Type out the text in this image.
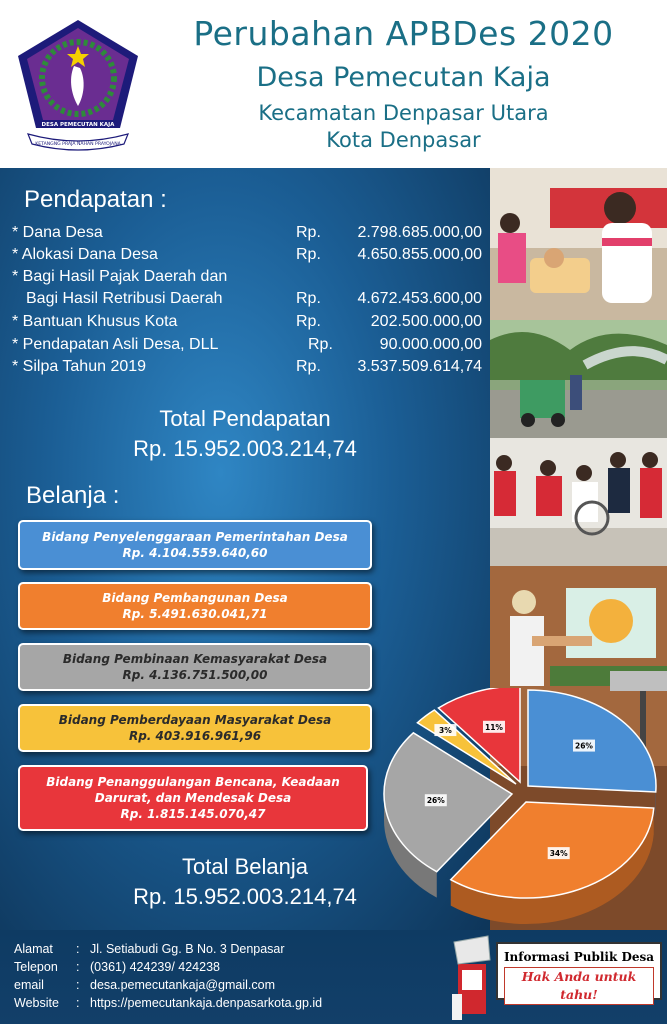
DESA PEMECUTAN KAJA
KETANGNG PRAJA NAHAN PRAYOJANA
Perubahan APBDes 2020
Desa Pemecutan Kaja
Kecamatan Denpasar Utara
Kota Denpasar
Pendapatan :
* Dana Desa	Rp. 2.798.685.000,00
* Alokasi Dana Desa	Rp. 4.650.855.000,00
* Bagi Hasil Pajak Daerah dan
Bagi Hasil Retribusi Daerah	Rp. 4.672.453.600,00
* Bantuan Khusus Kota	Rp.	202.500.000,00
* Pendapatan Asli Desa, DLL	Rp.	90.000.000,00
* Silpa Tahun 2019	Rp. 3.537.509.614,74
Total Pendapatan
Rp. 15.952.003.214,74
Belanja :
Bidang Penyelenggaraan Pemerintahan Desa
Rp. 4.104.559.640,60
Bidang Pembangunan Desa
Rp. 5.491.630.041,71
Bidang Pembinaan Kemasyarakat Desa
Rp. 4.136.751.500,00
Bidang Pemberdayaan Masyarakat Desa
Rp. 403.916.961,96
Bidang Penanggulangan Bencana, Keadaan Darurat, dan Mendesak Desa
Rp. 1.815.145.070,47
Total Belanja
Rp. 15.952.003.214,74
26%
34%
26%
3%	11%
Alamat : Jl. Setiabudi Gg. B No. 3 Denpasar
Telepon : (0361) 424239/ 424238
email	: desa.pemecutankaja@gmail.com
Website : https://pemecutankaja.denpasarkota.gp.id
Informasi Publik Desa
Hak Anda untuk tahu!
